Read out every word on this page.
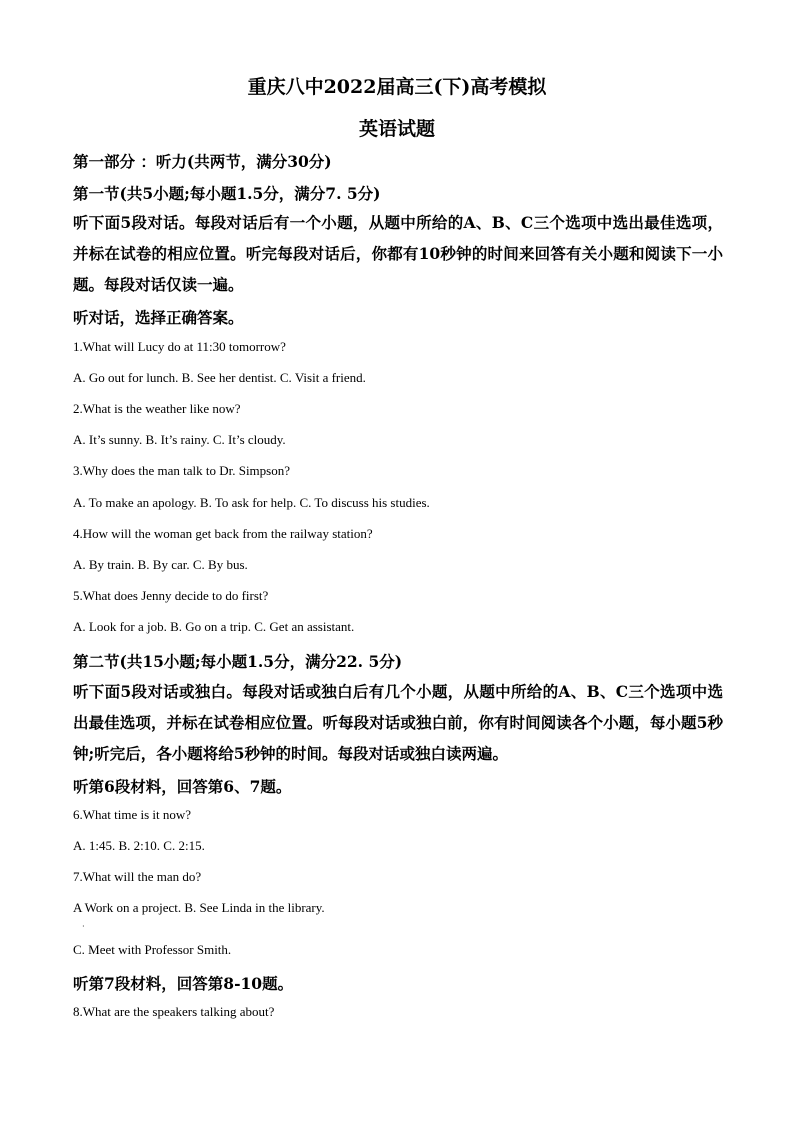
重庆八中2022届高三(下)高考模拟
英语试题
第一部分 ：听力(共两节，满分30分)
第一节(共5小题;每小题1.5分，满分7. 5分)
听下面5段对话。每段对话后有一个小题，从题中所给的A、B、C三个选项中选出最佳选项，并标在试卷的相应位置。听完每段对话后，你都有10秒钟的时间来回答有关小题和阅读下一小题。每段对话仅读一遍。
听对话，选择正确答案。
1.What will Lucy do at 11:30 tomorrow?
A. Go out for lunch. B. See her dentist. C. Visit a friend.
2.What is the weather like now?
A. It’s sunny. B. It’s rainy. C. It’s cloudy.
3.Why does the man talk to Dr. Simpson?
A. To make an apology. B. To ask for help. C. To discuss his studies.
4.How will the woman get back from the railway station?
A. By train. B. By car. C. By bus.
5.What does Jenny decide to do first?
A. Look for a job. B. Go on a trip. C. Get an assistant.
第二节(共15小题;每小题1.5分，满分22. 5分)
听下面5段对话或独白。每段对话或独白后有几个小题，从题中所给的A、B、C三个选项中选出最佳选项，并标在试卷相应位置。听每段对话或独白前，你有时间阅读各个小题，每小题5秒钟;听完后，各小题将给5秒钟的时间。每段对话或独白读两遍。
听第6段材料，回答第6、7题。
6.What time is it now?
A. 1:45. B. 2:10. C. 2:15.
7.What will the man do?
A Work on a project. B. See Linda in the library.
·
C. Meet with Professor Smith.
听第7段材料，回答第8-10题。
8.What are the speakers talking about?
